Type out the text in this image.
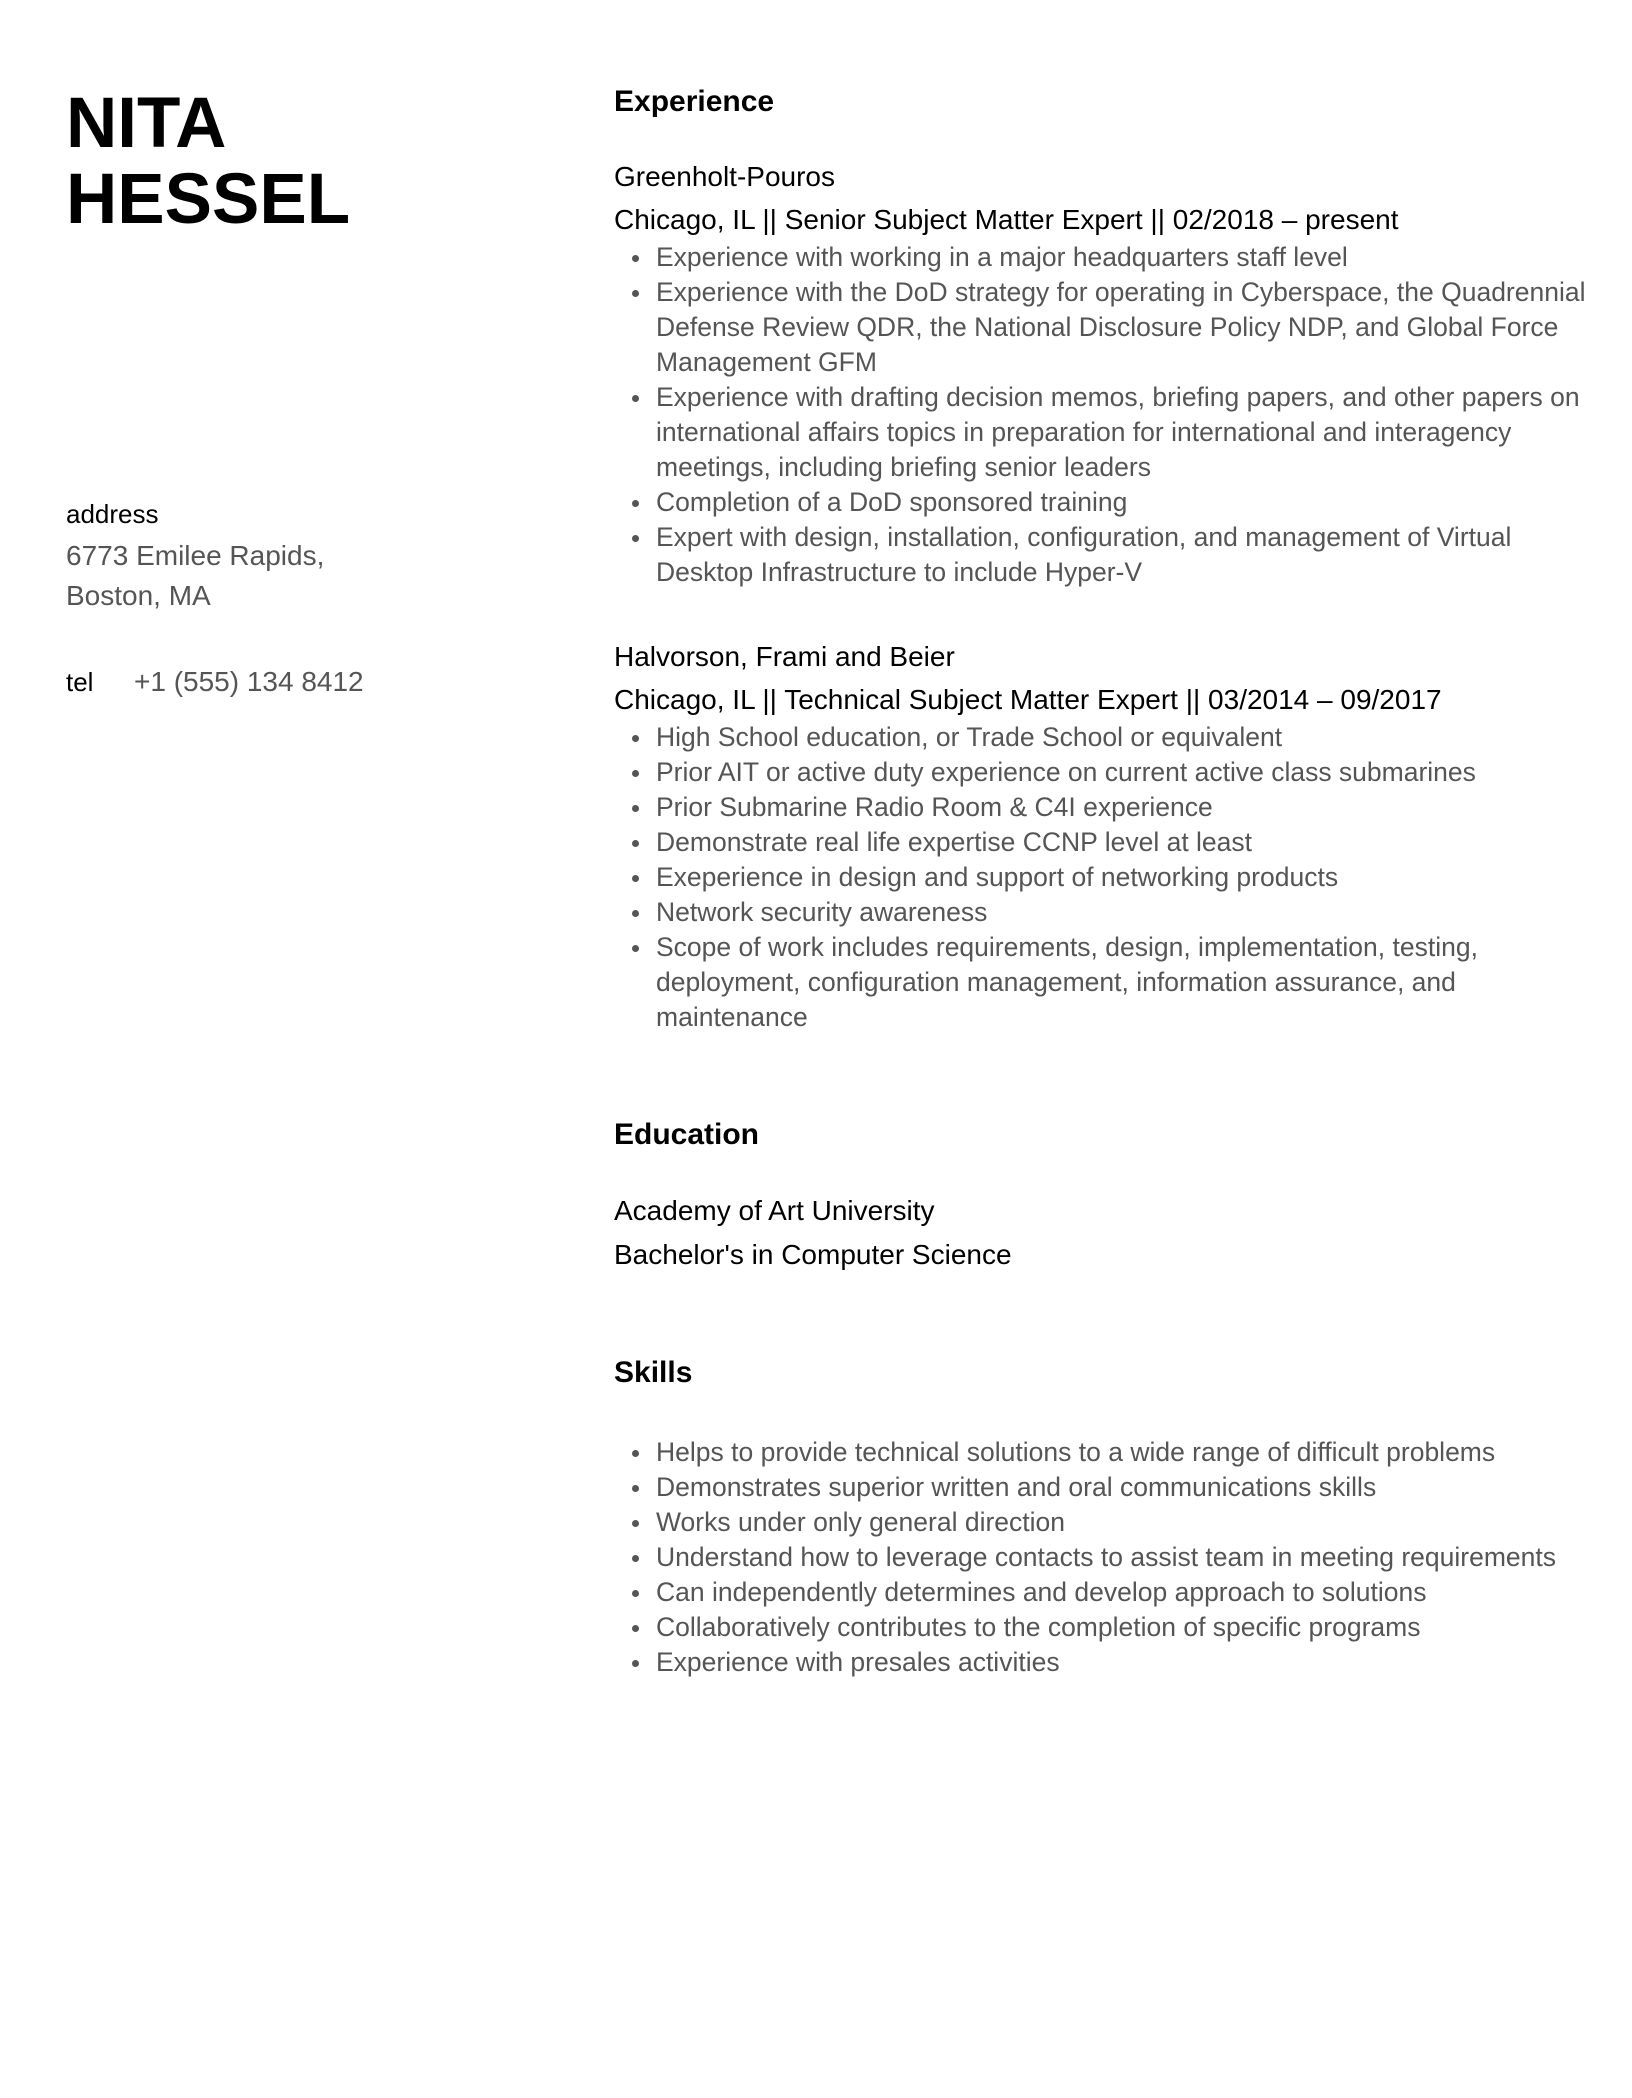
NITA
HESSEL
address
6773 Emilee Rapids,
Boston, MA
tel	+1 (555) 134 8412
Experience
Greenholt-Pouros
Chicago, IL || Senior Subject Matter Expert || 02/2018 – present
Experience with working in a major headquarters staff level
Experience with the DoD strategy for operating in Cyberspace, the Quadrennial Defense Review QDR, the National Disclosure Policy NDP, and Global Force Management GFM
Experience with drafting decision memos, briefing papers, and other papers on international affairs topics in preparation for international and interagency meetings, including briefing senior leaders
Completion of a DoD sponsored training
Expert with design, installation, configuration, and management of Virtual Desktop Infrastructure to include Hyper-V
Halvorson, Frami and Beier
Chicago, IL || Technical Subject Matter Expert || 03/2014 – 09/2017
High School education, or Trade School or equivalent
Prior AIT or active duty experience on current active class submarines
Prior Submarine Radio Room & C4I experience
Demonstrate real life expertise CCNP level at least
Exeperience in design and support of networking products
Network security awareness
Scope of work includes requirements, design, implementation, testing, deployment, configuration management, information assurance, and maintenance
Education
Academy of Art University
Bachelor's in Computer Science
Skills
Helps to provide technical solutions to a wide range of difficult problems
Demonstrates superior written and oral communications skills
Works under only general direction
Understand how to leverage contacts to assist team in meeting requirements
Can independently determines and develop approach to solutions
Collaboratively contributes to the completion of specific programs
Experience with presales activities
